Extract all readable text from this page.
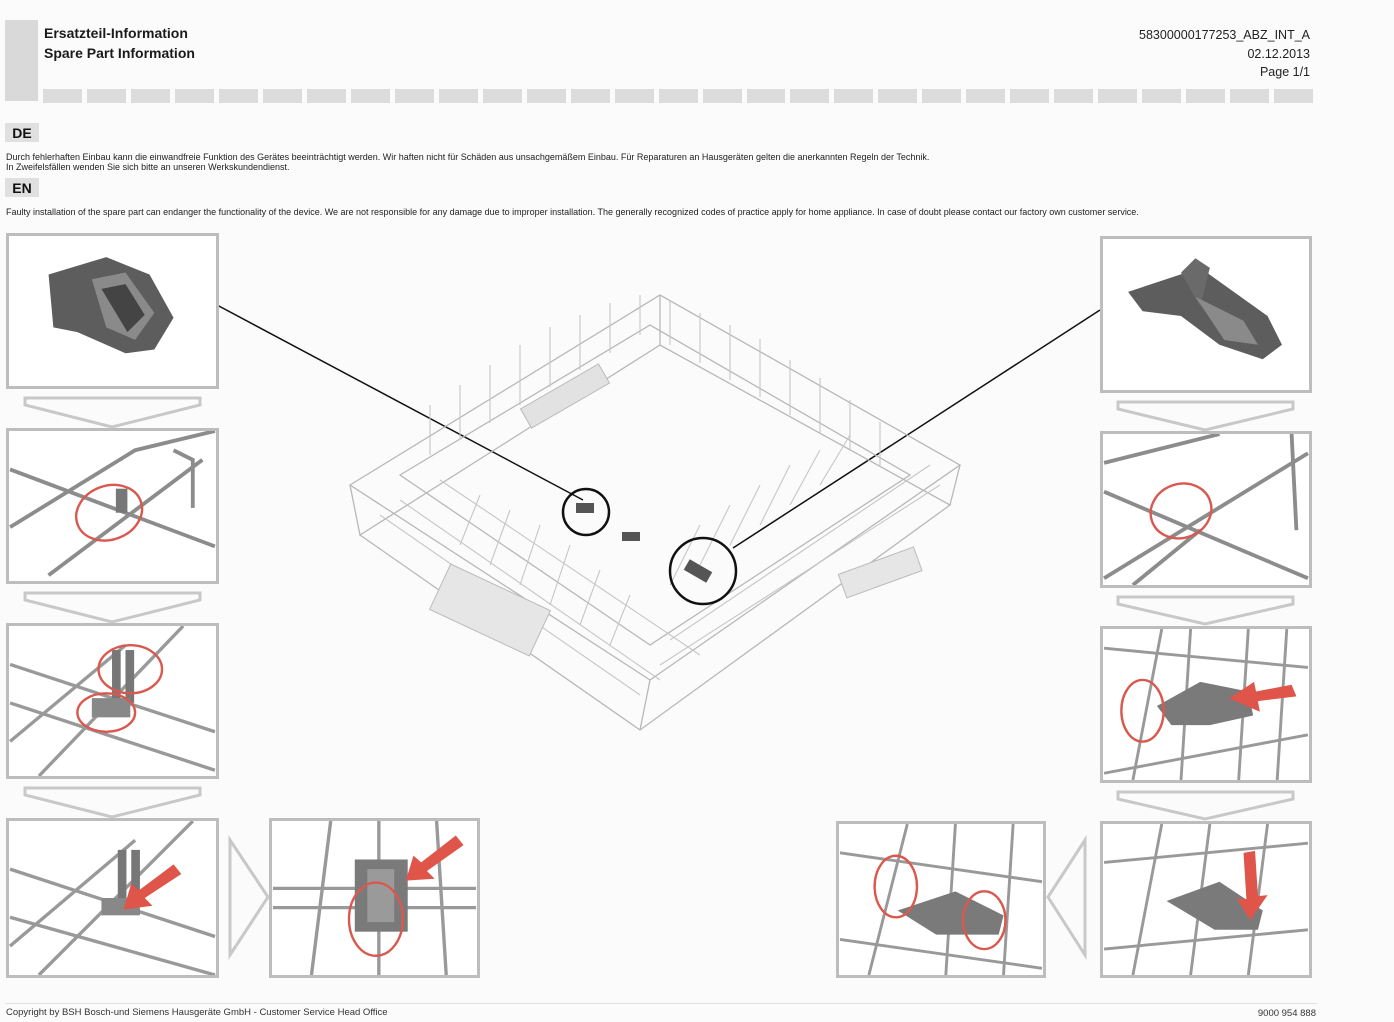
Ersatzteil-Information
Spare Part Information
58300000177253_ABZ_INT_A
02.12.2013
Page 1/1
DE
Durch fehlerhaften Einbau kann die einwandfreie Funktion des Gerätes beeinträchtigt werden. Wir haften nicht für Schäden aus unsachgemäßem Einbau. Für Reparaturen an Hausgeräten gelten die anerkannten Regeln der Technik.
In Zweifelsfällen wenden Sie sich bitte an unseren Werkskundendienst.
EN
Faulty installation of the spare part can endanger the functionality of the device. We are not responsible for any damage due to improper installation. The generally recognized codes of practice apply for home appliance. In case of doubt please contact our factory own customer service.
Copyright by BSH Bosch-und Siemens Hausgeräte GmbH - Customer Service Head Office	9000 954 888
